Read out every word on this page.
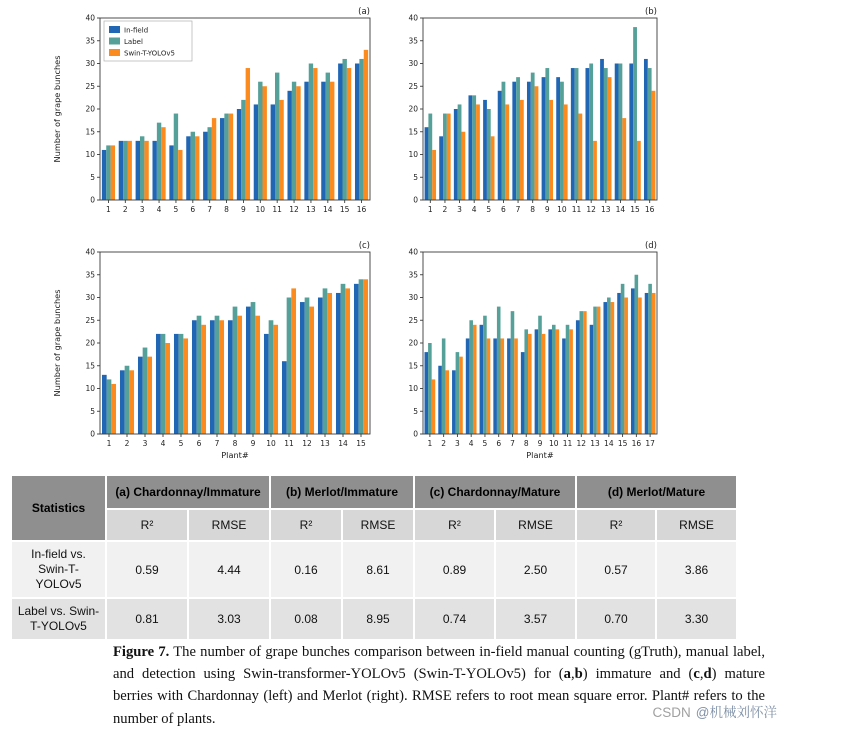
0
5
10
15
20
25
30
35
40
1 2 3 4 5 6 7 8 9 10 11 12 13 14 15 16
Number of grape bunches
(a)
In-field
Label
Swin-T-YOLOv5
0
5
10
15
20
25
30
35
40
1 2 3 4 5 6 7 8 9 10 11 12 13 14 15 16
(b)
0
5
10
15
20
25
30
35
40
1 2 3 4 5 6 7 8 9 10 11 12 13 14 15
Number of grape bunches
Plant#
(c)
0
5
10
15
20
25
30
35
40
1 2 3 4 5 6 7 8 9 10 11 12 13 14 15 16 17
Plant#
(d)
Statistics	(a) Chardonnay/Immature		(b) Merlot/Immature		(c) Chardonnay/Mature		(d) Merlot/Mature	
	R²	RMSE	R²	RMSE	R²	RMSE	R²	RMSE
In-field vs. Swin-T-YOLOv5	0.59	4.44	0.16	8.61	0.89	2.50	0.57	3.86
Label vs. Swin-T-YOLOv5	0.81	3.03	0.08	8.95	0.74	3.57	0.70	3.30

Figure 7. The number of grape bunches comparison between in-field manual counting (gTruth), manual label, and detection using Swin-transformer-YOLOv5 (Swin-T-YOLOv5) for (a,b) immature and (c,d) mature berries with Chardonnay (left) and Merlot (right). RMSE refers to root mean square error. Plant# refers to the number of plants.	CSDN @机械刘怀洋
